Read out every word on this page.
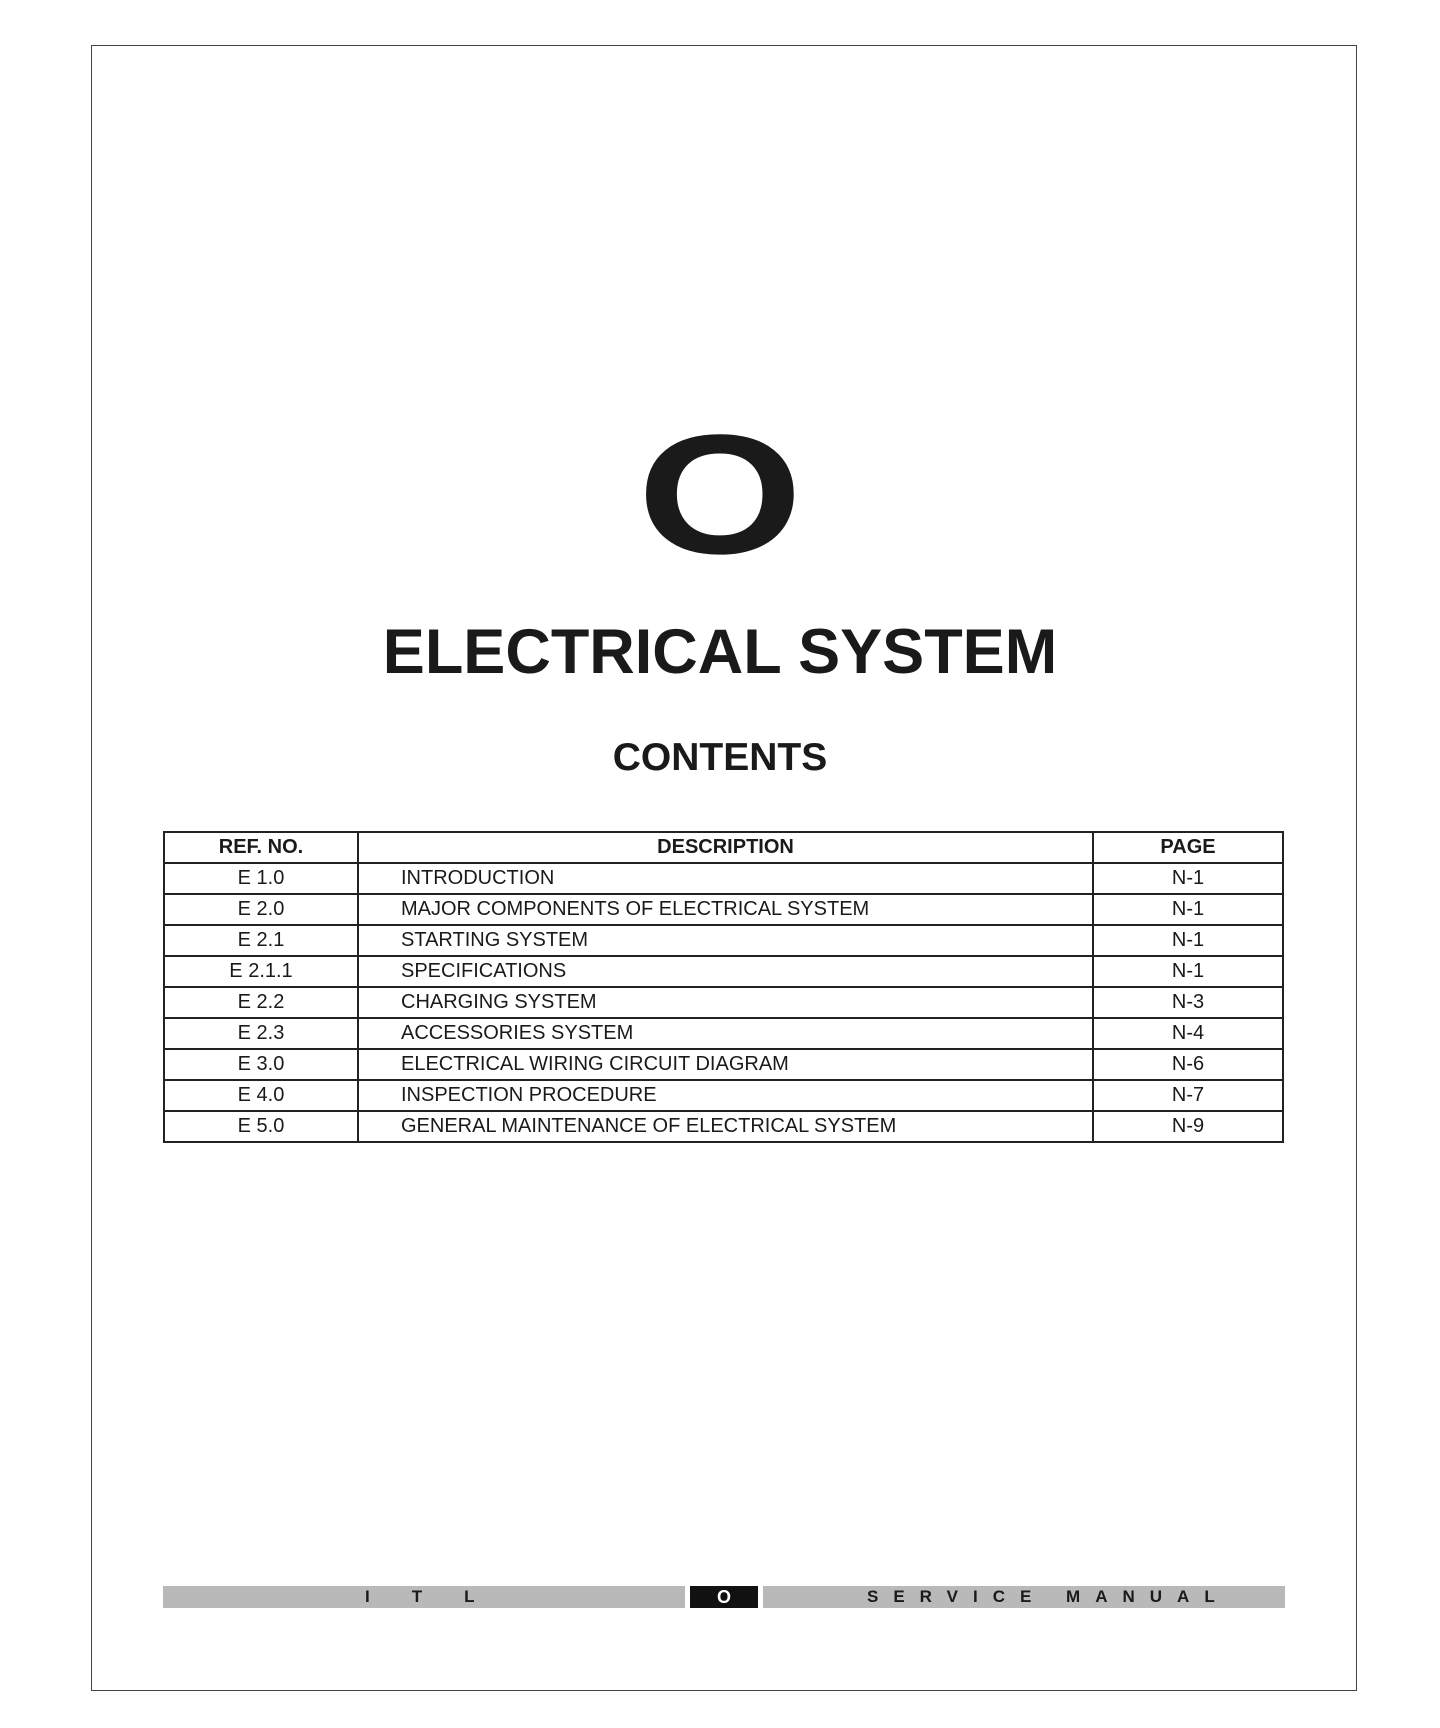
O
ELECTRICAL SYSTEM
CONTENTS
REF. NO.	DESCRIPTION	PAGE
E 1.0	INTRODUCTION	N-1
E 2.0	MAJOR COMPONENTS OF ELECTRICAL SYSTEM	N-1
E 2.1	STARTING SYSTEM	N-1
E 2.1.1	SPECIFICATIONS	N-1
E 2.2	CHARGING SYSTEM	N-3
E 2.3	ACCESSORIES SYSTEM	N-4
E 3.0	ELECTRICAL WIRING CIRCUIT DIAGRAM	N-6
E 4.0	INSPECTION PROCEDURE	N-7
E 5.0	GENERAL MAINTENANCE OF ELECTRICAL SYSTEM	N-9
ITL	O	SERVICE MANUAL
